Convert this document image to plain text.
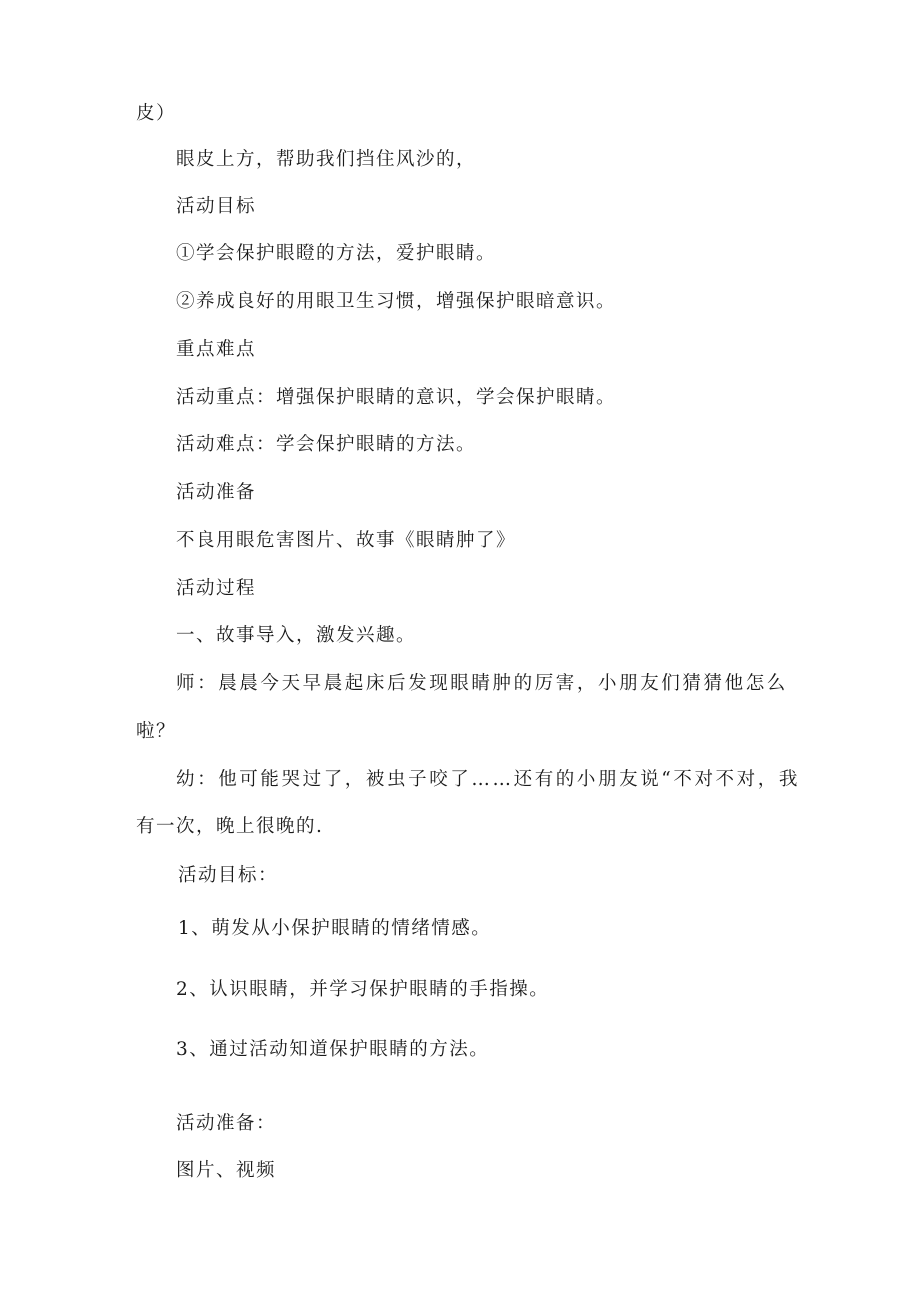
皮）
眼皮上方，帮助我们挡住风沙的，
活动目标
①学会保护眼瞪的方法，爱护眼睛。
②养成良好的用眼卫生习惯，增强保护眼暗意识。
重点难点
活动重点：增强保护眼睛的意识，学会保护眼睛。
活动难点：学会保护眼睛的方法。
活动准备
不良用眼危害图片、故事《眼睛肿了》
活动过程
一、故事导入，激发兴趣。
师：晨晨今天早晨起床后发现眼睛肿的厉害，小朋友们猜猜他怎么
啦？
幼：他可能哭过了，被虫子咬了……还有的小朋友说“不对不对，我
有一次，晚上很晚的.
活动目标：
1、萌发从小保护眼睛的情绪情感。
2、认识眼睛，并学习保护眼睛的手指操。
3、通过活动知道保护眼睛的方法。
活动准备：
图片、视频
